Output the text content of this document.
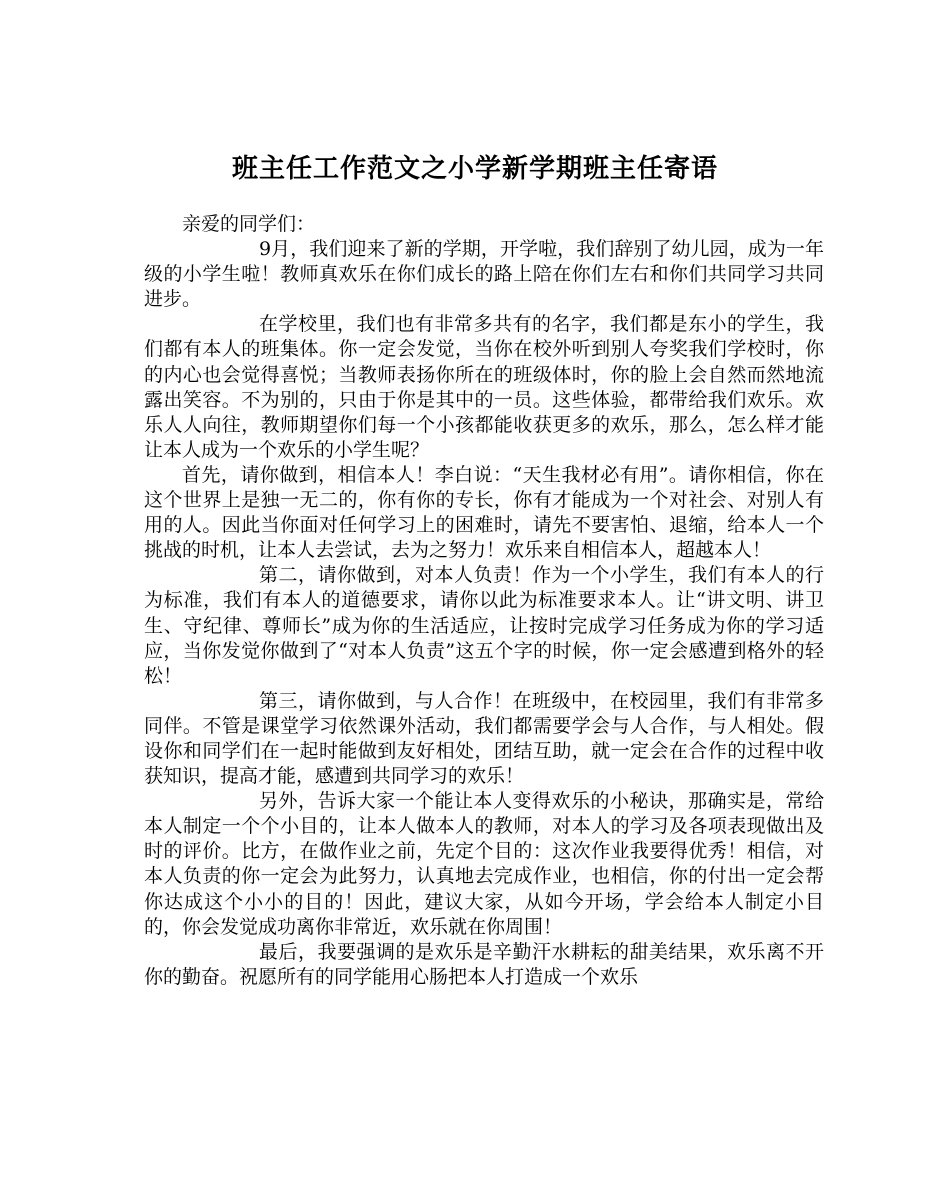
班主任工作范文之小学新学期班主任寄语

亲爱的同学们：

9月，我们迎来了新的学期，开学啦，我们辞别了幼儿园，成为一年级的小学生啦！教师真欢乐在你们成长的路上陪在你们左右和你们共同学习共同进步。

在学校里，我们也有非常多共有的名字，我们都是东小的学生，我们都有本人的班集体。你一定会发觉，当你在校外听到别人夸奖我们学校时，你的内心也会觉得喜悦；当教师表扬你所在的班级体时，你的脸上会自然而然地流露出笑容。不为别的，只由于你是其中的一员。这些体验，都带给我们欢乐。欢乐人人向往，教师期望你们每一个小孩都能收获更多的欢乐，那么，怎么样才能让本人成为一个欢乐的小学生呢？

首先，请你做到，相信本人！李白说：“天生我材必有用”。请你相信，你在这个世界上是独一无二的，你有你的专长，你有才能成为一个对社会、对别人有用的人。因此当你面对任何学习上的困难时，请先不要害怕、退缩，给本人一个挑战的时机，让本人去尝试，去为之努力！欢乐来自相信本人，超越本人！

第二，请你做到，对本人负责！作为一个小学生，我们有本人的行为标准，我们有本人的道德要求，请你以此为标准要求本人。让“讲文明、讲卫生、守纪律、尊师长”成为你的生活适应，让按时完成学习任务成为你的学习适应，当你发觉你做到了“对本人负责”这五个字的时候，你一定会感遭到格外的轻松！

第三，请你做到，与人合作！在班级中，在校园里，我们有非常多同伴。不管是课堂学习依然课外活动，我们都需要学会与人合作，与人相处。假设你和同学们在一起时能做到友好相处，团结互助，就一定会在合作的过程中收获知识，提高才能，感遭到共同学习的欢乐！

另外，告诉大家一个能让本人变得欢乐的小秘诀，那确实是，常给本人制定一个个小目的，让本人做本人的教师，对本人的学习及各项表现做出及时的评价。比方，在做作业之前，先定个目的：这次作业我要得优秀！相信，对本人负责的你一定会为此努力，认真地去完成作业，也相信，你的付出一定会帮你达成这个小小的目的！因此，建议大家，从如今开场，学会给本人制定小目的，你会发觉成功离你非常近，欢乐就在你周围！

最后，我要强调的是欢乐是辛勤汗水耕耘的甜美结果，欢乐离不开你的勤奋。祝愿所有的同学能用心肠把本人打造成一个欢乐
